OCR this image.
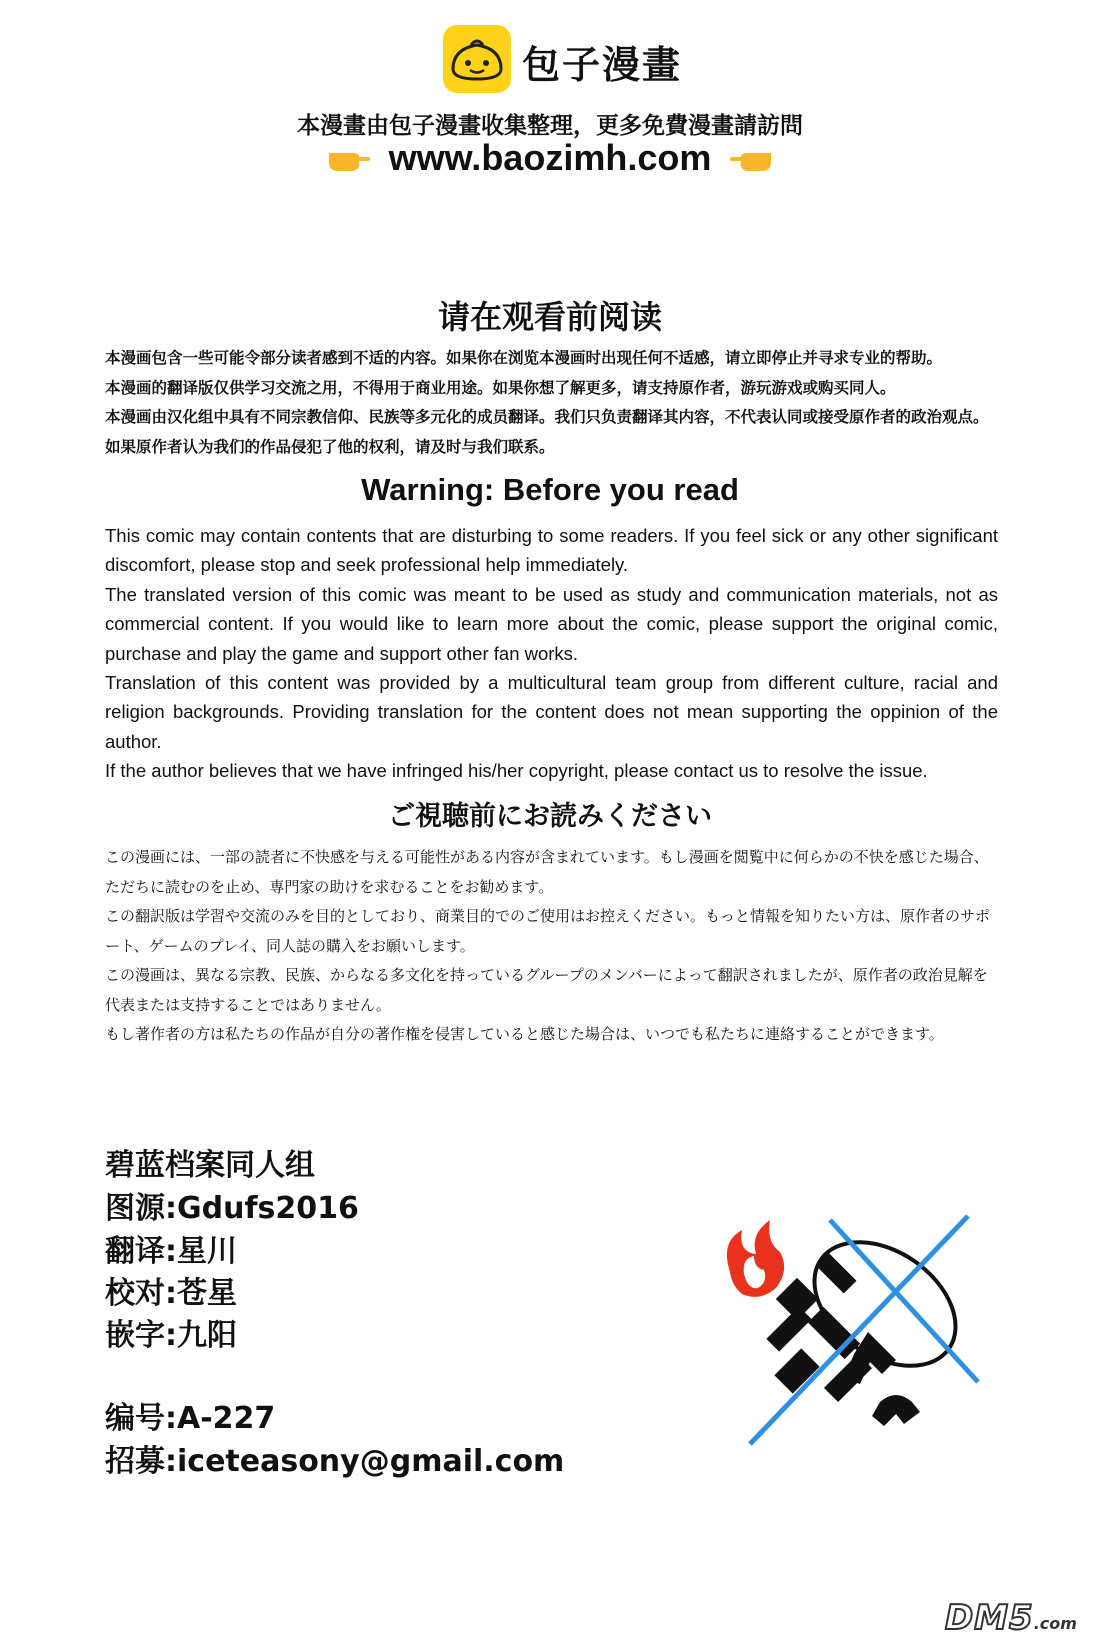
包子漫畫
本漫畫由包子漫畫收集整理，更多免費漫畫請訪問
www.baozimh.com
请在观看前阅读
本漫画包含一些可能令部分读者感到不适的内容。如果你在浏览本漫画时出现任何不适感，请立即停止并寻求专业的帮助。
本漫画的翻译版仅供学习交流之用，不得用于商业用途。如果你想了解更多，请支持原作者，游玩游戏或购买同人。
本漫画由汉化组中具有不同宗教信仰、民族等多元化的成员翻译。我们只负责翻译其内容，不代表认同或接受原作者的政治观点。
如果原作者认为我们的作品侵犯了他的权利，请及时与我们联系。
Warning: Before you read

This comic may contain contents that are disturbing to some readers. If you feel sick or any other significant discomfort, please stop and seek professional help immediately.

The translated version of this comic was meant to be used as study and communication materials, not as commercial content. If you would like to learn more about the comic, please support the original comic, purchase and play the game and support other fan works.

Translation of this content was provided by a multicultural team group from different culture, racial and religion backgrounds. Providing translation for the content does not mean supporting the oppinion of the author.

If the author believes that we have infringed his/her copyright, please contact us to resolve the issue.

ご視聴前にお読みください

この漫画には、一部の読者に不快感を与える可能性がある内容が含まれています。もし漫画を閲覧中に何らかの不快を感じた場合、ただちに読むのを止め、専門家の助けを求むることをお勧めます。

この翻訳版は学習や交流のみを目的としており、商業目的でのご使用はお控えください。もっと情報を知りたい方は、原作者のサポート、ゲームのプレイ、同人誌の購入をお願いします。

この漫画は、異なる宗教、民族、からなる多文化を持っているグループのメンバーによって翻訳されましたが、原作者の政治見解を代表または支持することではありません。

もし著作者の方は私たちの作品が自分の著作権を侵害していると感じた場合は、いつでも私たちに連絡することができます。

碧蓝档案同人组
图源:Gdufs2016
翻译:星川
校对:苍星
嵌字:九阳
编号:A-227
招募:iceteasony@gmail.com
DM5.com
